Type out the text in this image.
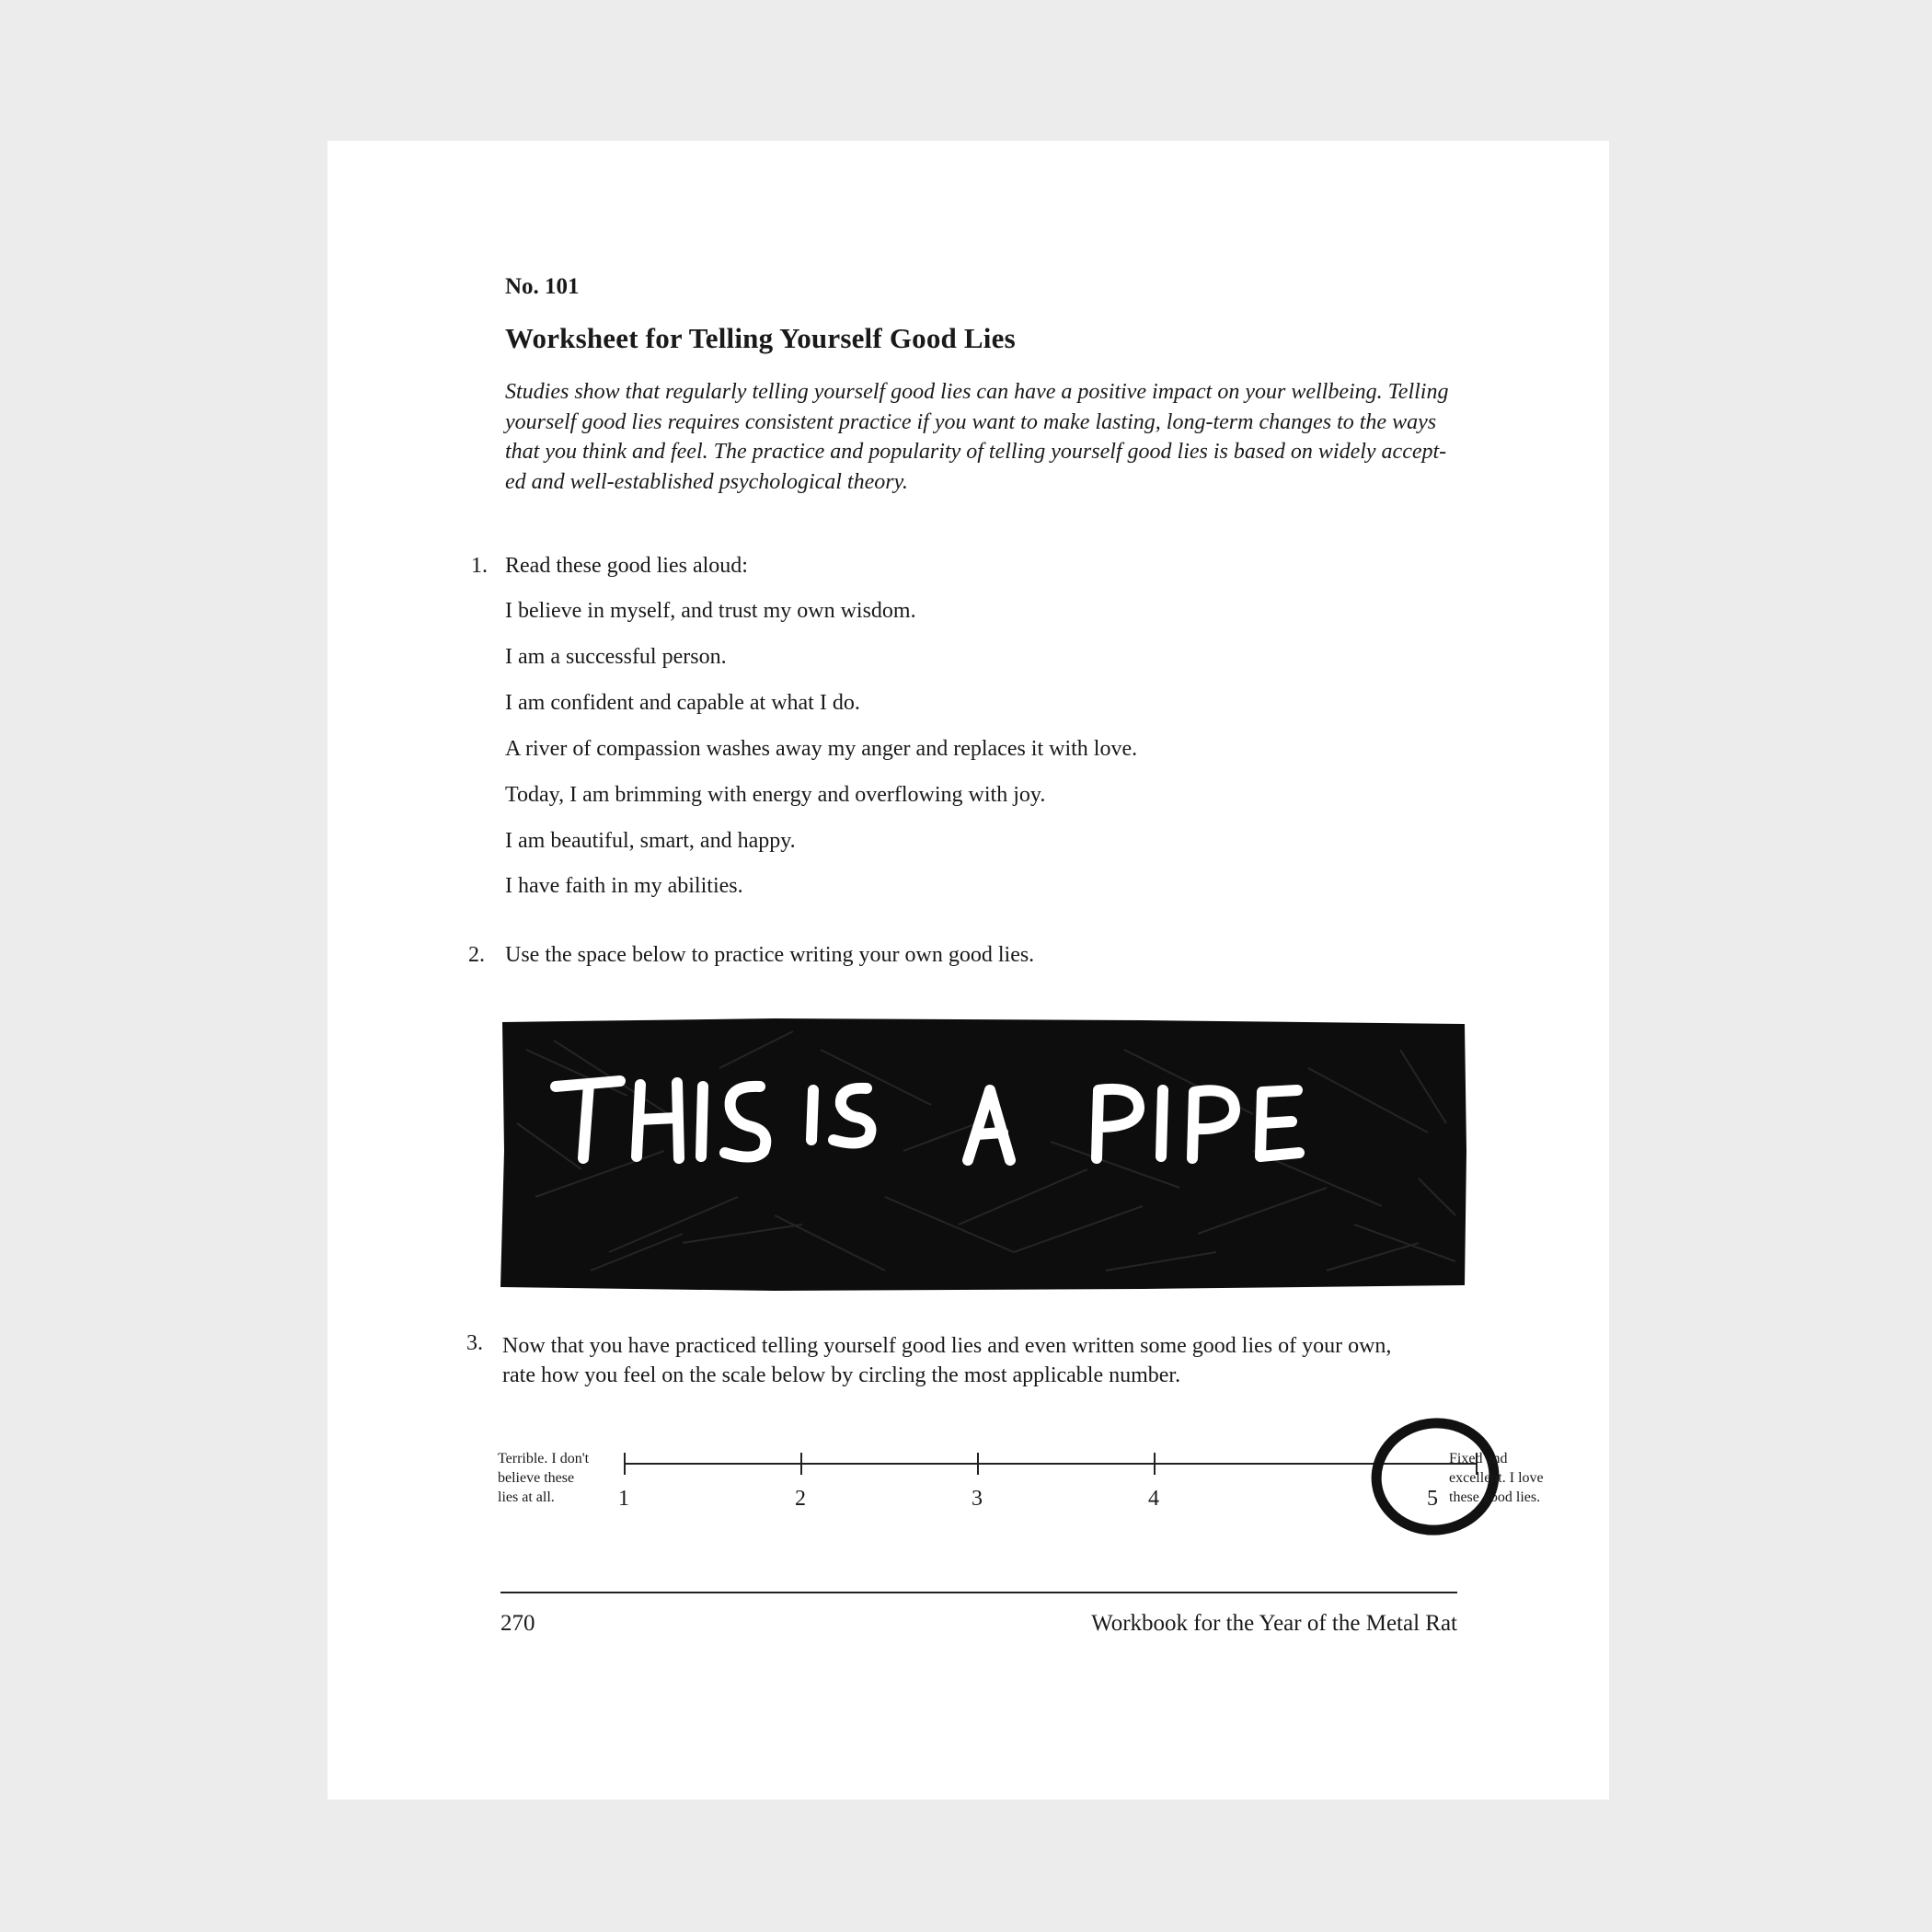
No. 101

Worksheet for Telling Yourself Good Lies
Studies show that regularly telling yourself good lies can have a positive impact on your wellbeing. Telling
yourself good lies requires consistent practice if you want to make lasting, long-term changes to the ways
that you think and feel. The practice and popularity of telling yourself good lies is based on widely accept-
ed and well-established psychological theory.
1. Read these good lies aloud:
I believe in myself, and trust my own wisdom.
I am a successful person.
I am confident and capable at what I do.
A river of compassion washes away my anger and replaces it with love.
Today, I am brimming with energy and overflowing with joy.
I am beautiful, smart, and happy.
I have faith in my abilities.
2. Use the space below to practice writing your own good lies.
THIS IS A PIPE
3. Now that you have practiced telling yourself good lies and even written some good lies of your own,
rate how you feel on the scale below by circling the most applicable number.
Terrible. I don't
believe these
lies at all.	1	2	3	4	5
Fixed and
excellent. I love
these good lies.
270	Workbook for the Year of the Metal Rat
